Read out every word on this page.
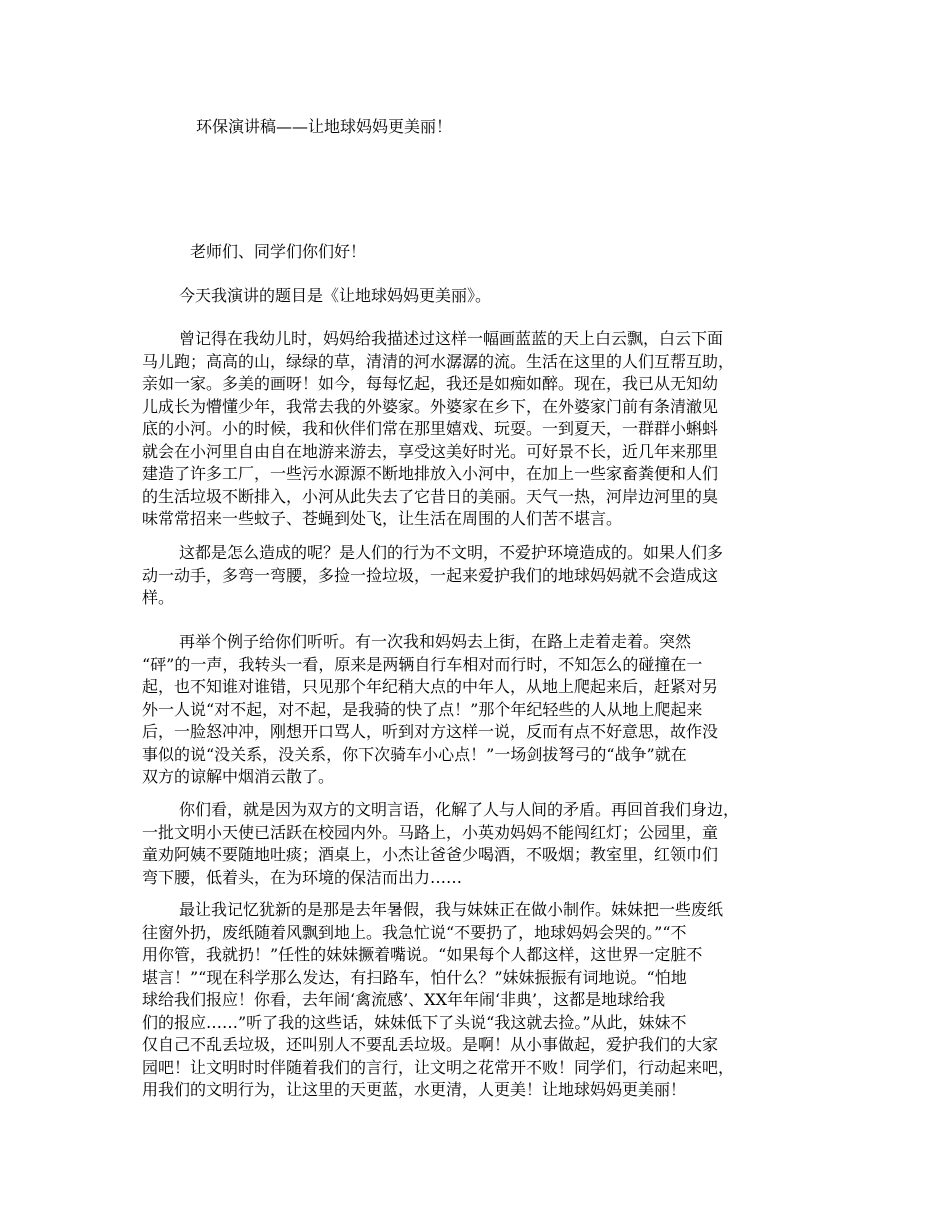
环保演讲稿——让地球妈妈更美丽！
老师们、同学们你们好！
今天我演讲的题目是《让地球妈妈更美丽》。
曾记得在我幼儿时，妈妈给我描述过这样一幅画蓝蓝的天上白云飘，白云下面
马儿跑；高高的山，绿绿的草，清清的河水潺潺的流。生活在这里的人们互帮互助，
亲如一家。多美的画呀！如今，每每忆起，我还是如痴如醉。现在，我已从无知幼
儿成长为懵懂少年，我常去我的外婆家。外婆家在乡下，在外婆家门前有条清澈见
底的小河。小的时候，我和伙伴们常在那里嬉戏、玩耍。一到夏天，一群群小蝌蚪
就会在小河里自由自在地游来游去，享受这美好时光。可好景不长，近几年来那里
建造了许多工厂，一些污水源源不断地排放入小河中，在加上一些家畜粪便和人们
的生活垃圾不断排入，小河从此失去了它昔日的美丽。天气一热，河岸边河里的臭
味常常招来一些蚊子、苍蝇到处飞，让生活在周围的人们苦不堪言。
这都是怎么造成的呢？是人们的行为不文明，不爱护环境造成的。如果人们多
动一动手，多弯一弯腰，多捡一捡垃圾，一起来爱护我们的地球妈妈就不会造成这
样。
再举个例子给你们听听。有一次我和妈妈去上街，在路上走着走着。突然
“砰”的一声，我转头一看，原来是两辆自行车相对而行时，不知怎么的碰撞在一
起，也不知谁对谁错，只见那个年纪稍大点的中年人，从地上爬起来后，赶紧对另
外一人说“对不起，对不起，是我骑的快了点！”那个年纪轻些的人从地上爬起来
后，一脸怒冲冲，刚想开口骂人，听到对方这样一说，反而有点不好意思，故作没
事似的说“没关系，没关系，你下次骑车小心点！”一场剑拔弩弓的“战争”就在
双方的谅解中烟消云散了。
你们看，就是因为双方的文明言语，化解了人与人间的矛盾。再回首我们身边，
一批文明小天使已活跃在校园内外。马路上，小英劝妈妈不能闯红灯；公园里，童
童劝阿姨不要随地吐痰；酒桌上，小杰让爸爸少喝酒，不吸烟；教室里，红领巾们
弯下腰，低着头，在为环境的保洁而出力……
最让我记忆犹新的是那是去年暑假，我与妹妹正在做小制作。妹妹把一些废纸
往窗外扔，废纸随着风飘到地上。我急忙说“不要扔了，地球妈妈会哭的。”“不
用你管，我就扔！”任性的妹妹撅着嘴说。“如果每个人都这样，这世界一定脏不
堪言！”“现在科学那么发达，有扫路车，怕什么？”妹妹振振有词地说。“怕地
球给我们报应！你看，去年闹‘禽流感’、XX年年闹‘非典’，这都是地球给我
们的报应……”听了我的这些话，妹妹低下了头说“我这就去捡。”从此，妹妹不
仅自己不乱丢垃圾，还叫别人不要乱丢垃圾。是啊！从小事做起，爱护我们的大家
园吧！让文明时时伴随着我们的言行，让文明之花常开不败！同学们，行动起来吧，
用我们的文明行为，让这里的天更蓝，水更清，人更美！让地球妈妈更美丽！
